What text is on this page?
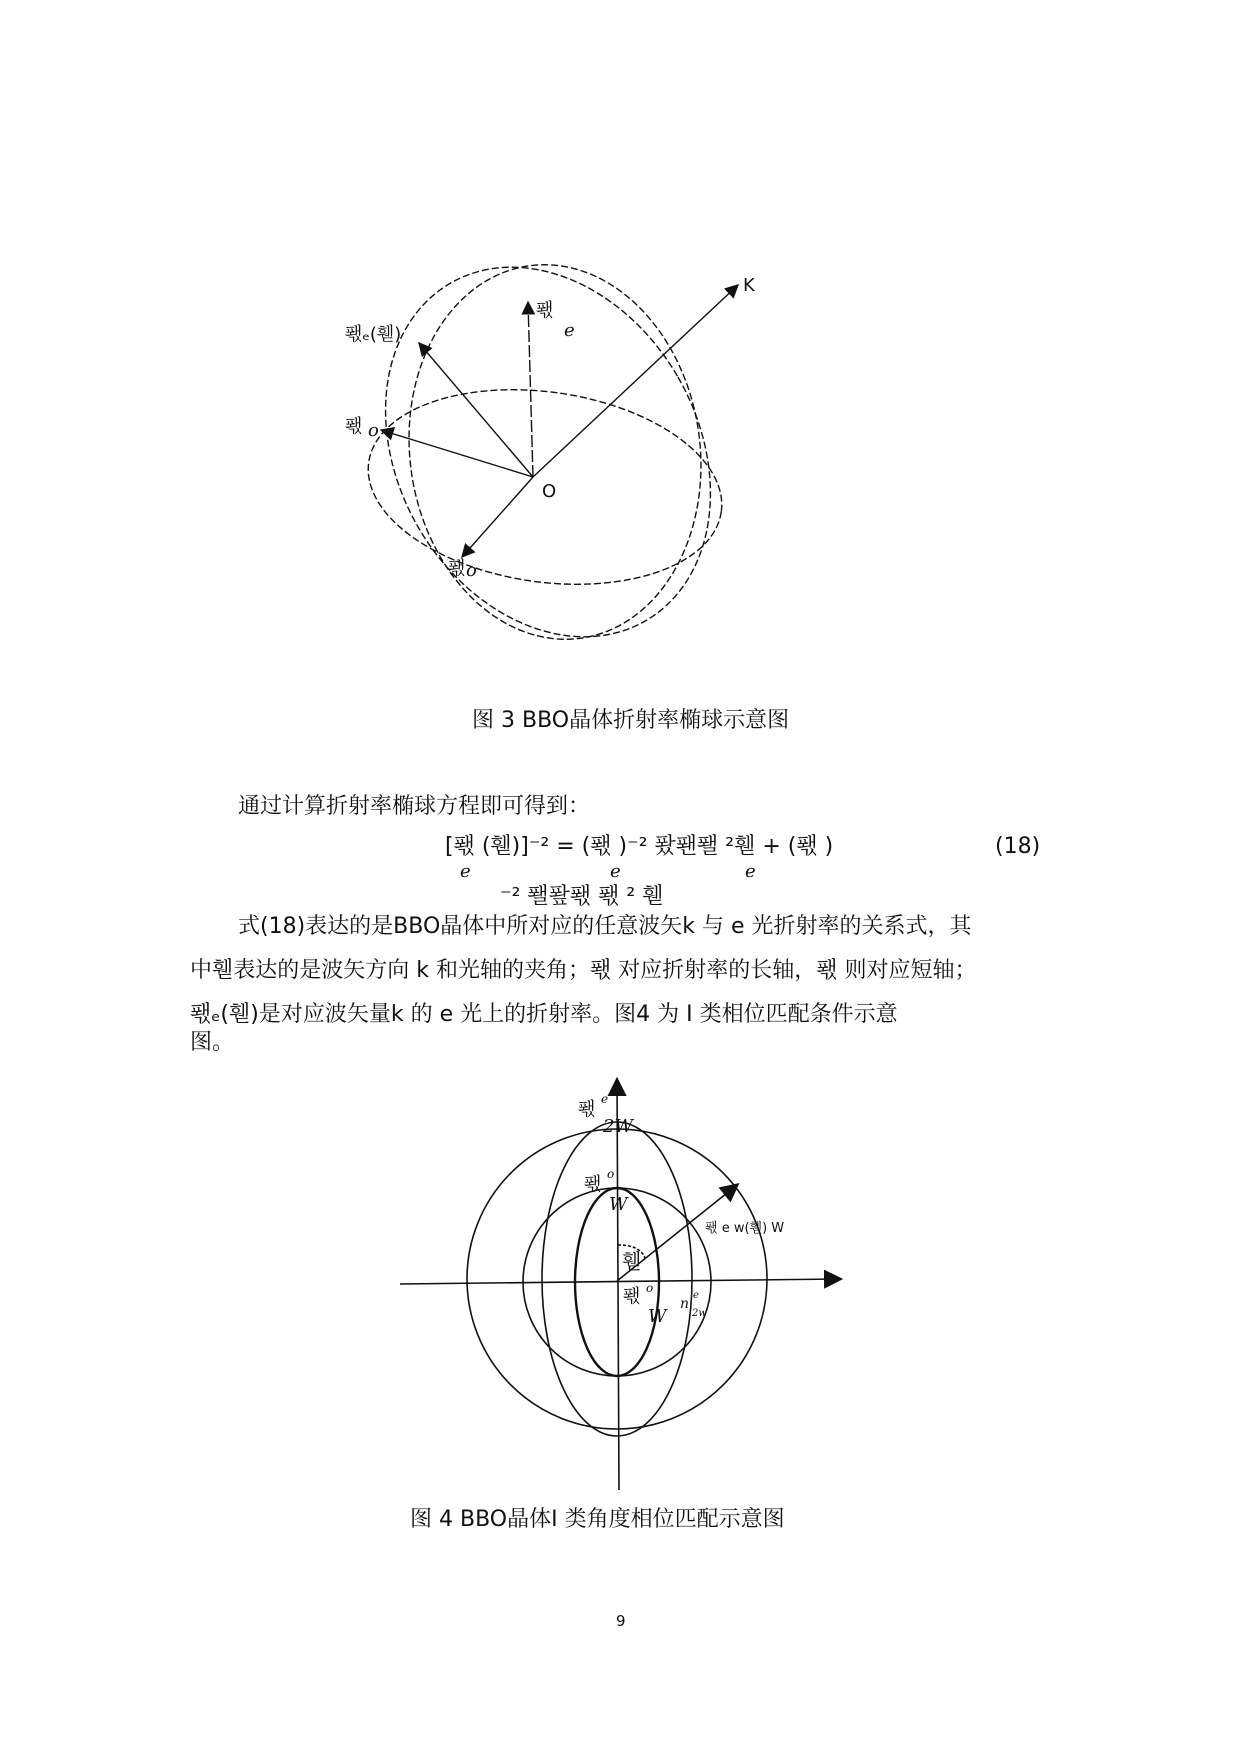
K
O
퐧ₑ(휃)
퐧
e
퐧 o
퐧 o
图 3 BBO晶体折射率椭球示意图
通过计算折射率椭球方程即可得到：
[퐧 (휃)]⁻² = (퐧 )⁻² 퐜퐨퐬 ²휃 + (퐧 )
e	e	e
(18)
⁻² 퐬퐢퐧 퐧 ² 휃
式(18)表达的是BBO晶体中所对应的任意波矢k 与 e 光折射率的关系式，其
中휃表达的是波矢方向 k 和光轴的夹角；퐧 对应折射率的长轴，퐧 则对应短轴；
퐧ₑ(휃)是对应波矢量k 的 e 光上的折射率。图4 为 I 类相位匹配条件示意
图。
퐧 e
2W
퐧 o
W
휃
퐧 e w(휃) W
퐧 o
W
n
e
2w
图 4 BBO晶体I 类角度相位匹配示意图
9
